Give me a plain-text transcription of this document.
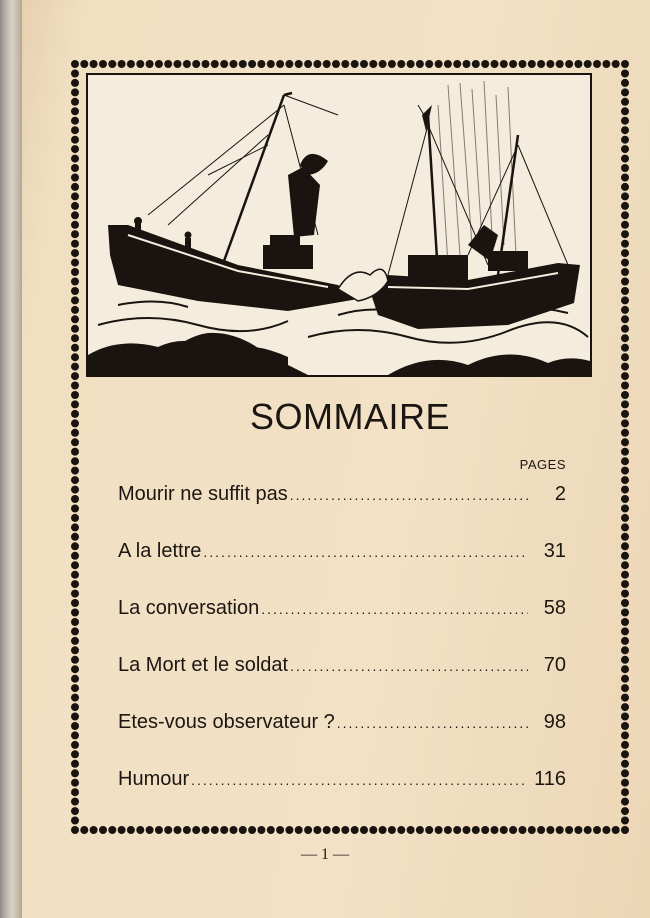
SOMMAIRE
PAGES
Mourir ne suffit pas .....	2
A la lettre .....	31
La conversation .....	58
La Mort et le soldat .....	70
Etes-vous observateur ? .....	98
Humour .....	116
— 1 —
